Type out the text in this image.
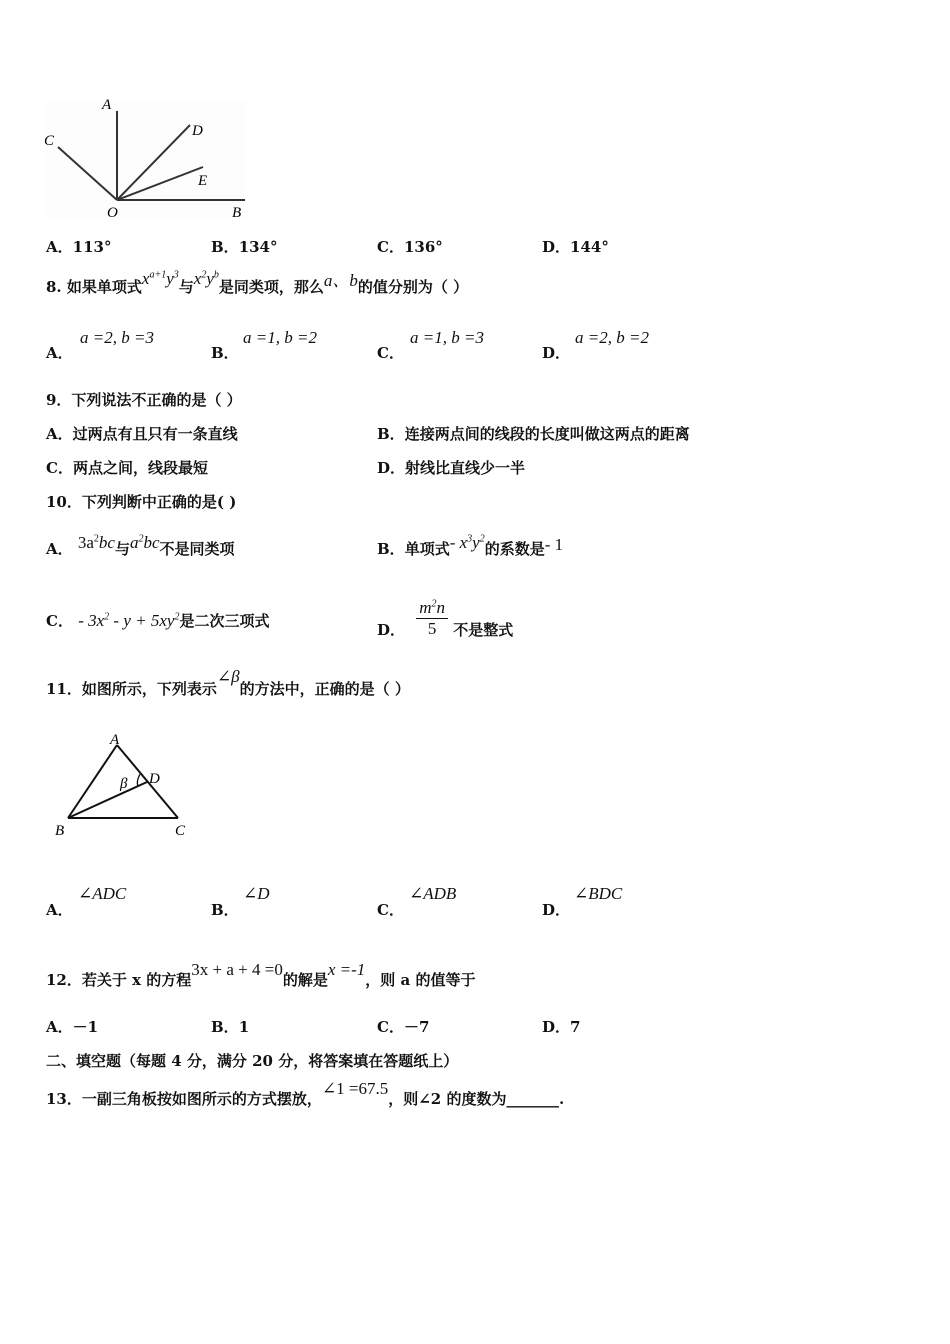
A
C
D
E
O	B
A．113°	B．134°	C．136°	D．144°
8. 如果单项式$x^{a+1}y^3$与$x^2y^b$是同类项，那么a、b的值分别为（ ）
A．
a =2, b =3
B．
a =1, b =2
C．
a =1, b =3
D．
a =2, b =2
9．下列说法不正确的是（ ）
A．过两点有且只有一条直线	B．连接两点间的线段的长度叫做这两点的距离
C．两点之间，线段最短	D．射线比直线少一半
10．下列判断中正确的是( )
A． $3a^2bc$与$a^2bc$不是同类项	B．单项式- $x^3y^2$的系数是- 1
C． - $3x^2 - y + 5xy^2$是二次三项式	D． $\frac{m^2n}{5}$ 不是整式
11．如图所示，下列表示∠β的方法中，正确的是（ ）
A
β D
B	C
A．
∠ADC
B．
∠D
C．
∠ADB
D．
∠BDC
12．若关于 x 的方程3x + a + 4 =0的解是x =-1，则 a 的值等于
A．－1	B．1	C．－7	D．7
二、填空题（每题 4 分，满分 20 分，将答案填在答题纸上）
13．一副三角板按如图所示的方式摆放，∠1 =67.5，则∠2 的度数为_______.
